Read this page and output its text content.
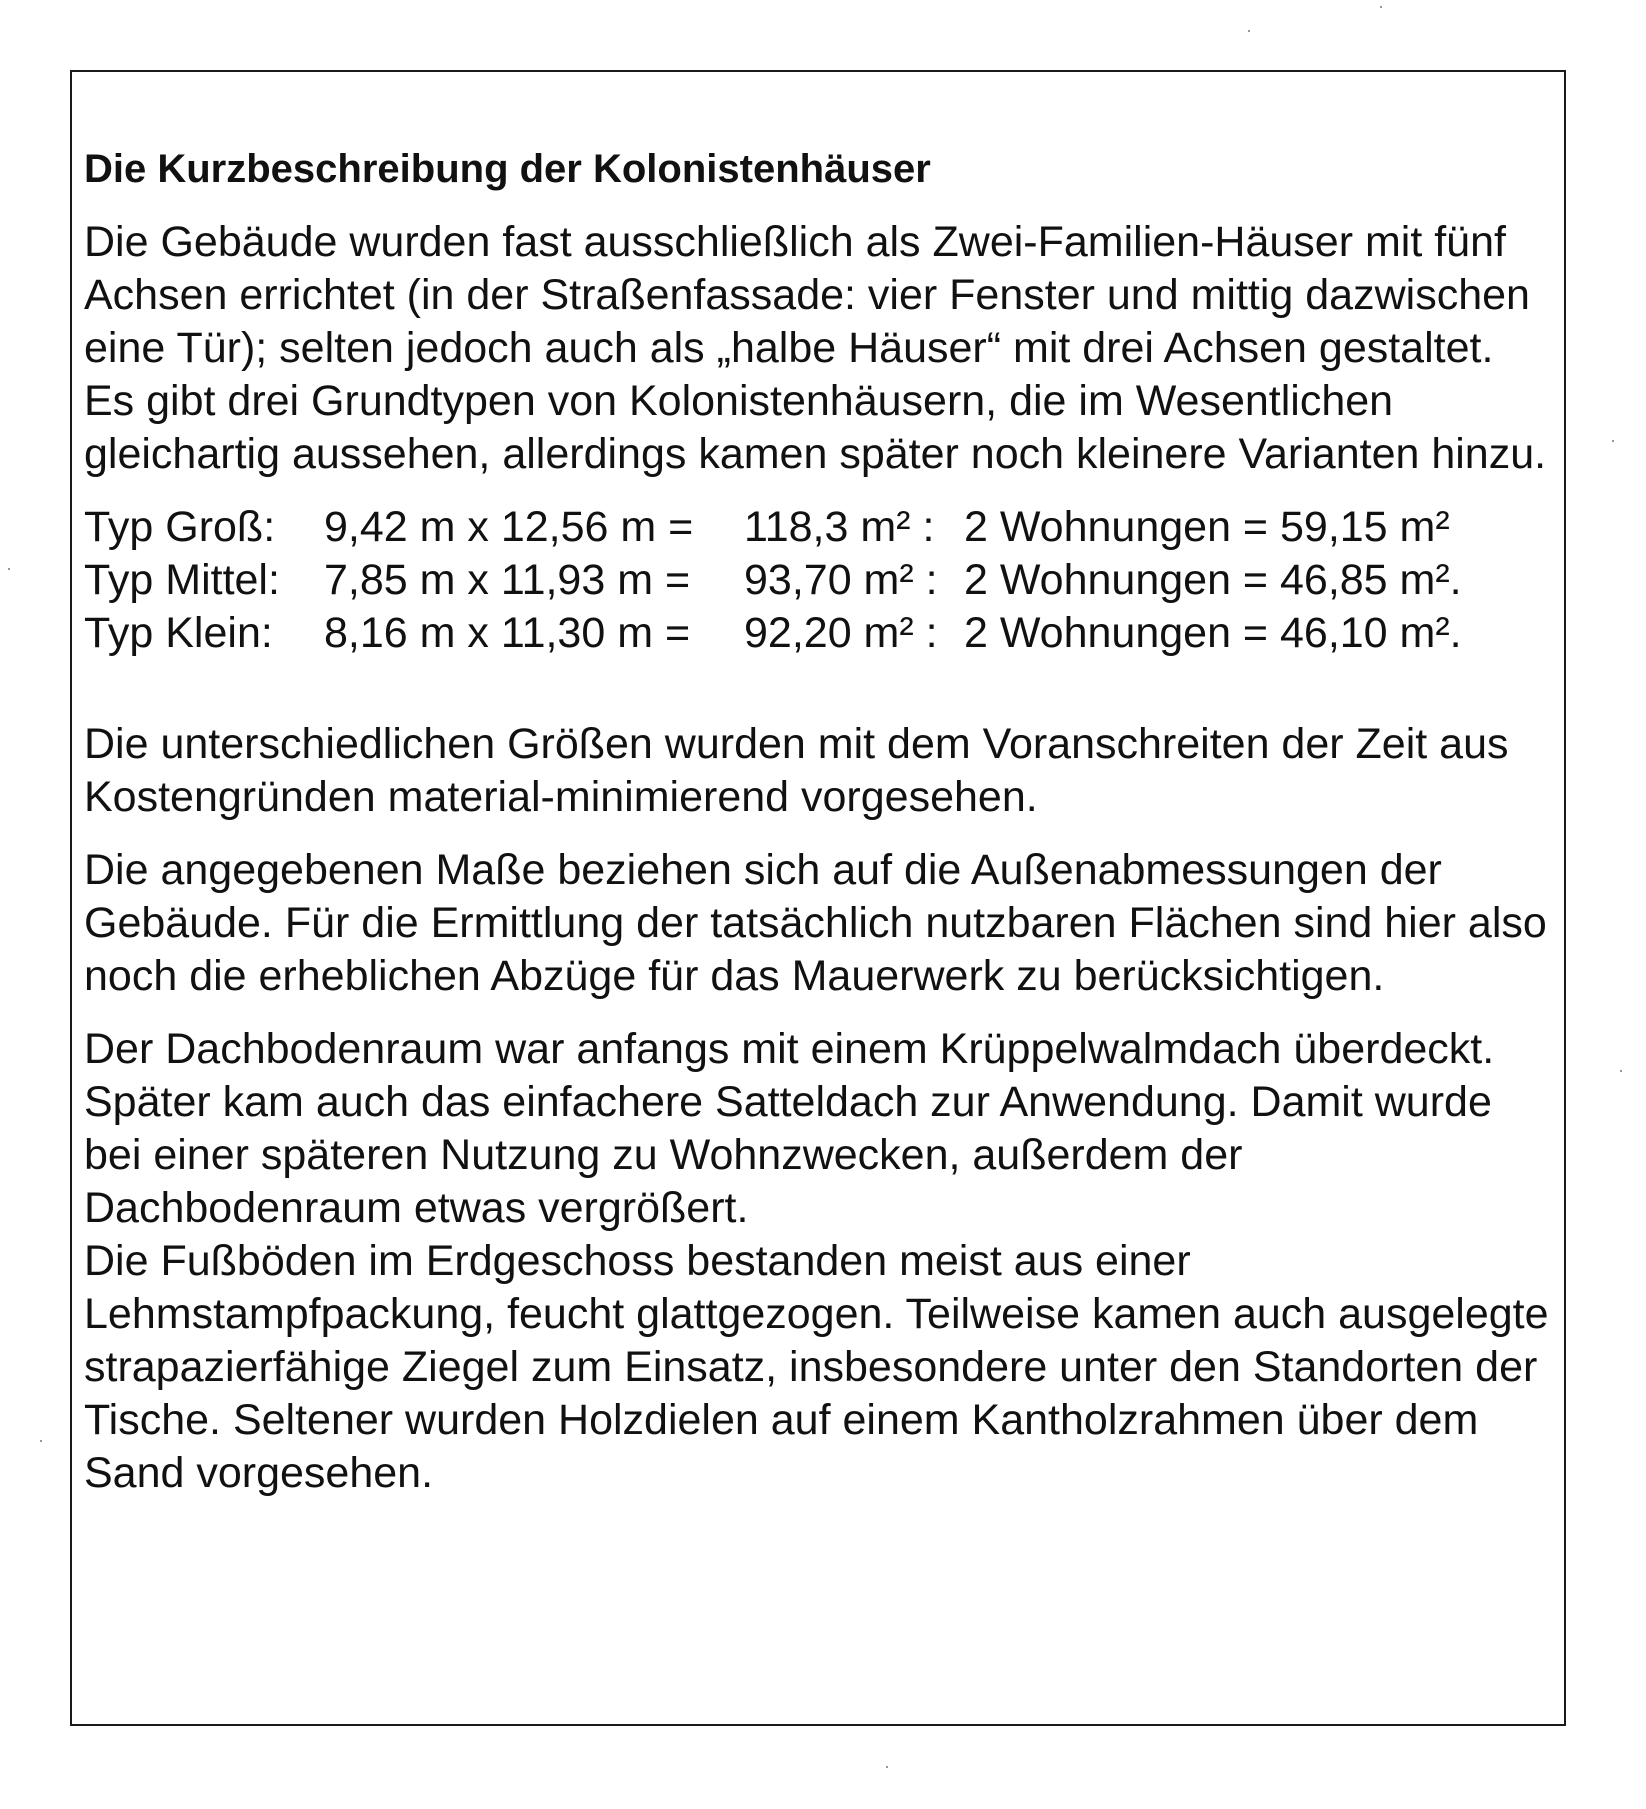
Die Kurzbeschreibung der Kolonistenhäuser

Die Gebäude wurden fast ausschließlich als Zwei-Familien-Häuser mit fünf Achsen errichtet (in der Straßenfassade: vier Fenster und mittig dazwischen eine Tür); selten jedoch auch als „halbe Häuser“ mit drei Achsen gestaltet.

Es gibt drei Grundtypen von Kolonistenhäusern, die im Wesentlichen gleichartig aussehen, allerdings kamen später noch kleinere Varianten hinzu.

Typ Groß:	9,42 m x 12,56 m =	118,3 m² : 2 Wohnungen = 59,15 m²
Typ Mittel:	7,85 m x 11,93 m =	93,70 m² : 2 Wohnungen = 46,85 m².
Typ Klein:	8,16 m x 11,30 m =	92,20 m² : 2 Wohnungen = 46,10 m².

Die unterschiedlichen Größen wurden mit dem Voranschreiten der Zeit aus Kostengründen material-minimierend vorgesehen.

Die angegebenen Maße beziehen sich auf die Außenabmessungen der Gebäude. Für die Ermittlung der tatsächlich nutzbaren Flächen sind hier also noch die erheblichen Abzüge für das Mauerwerk zu berücksichtigen.

Der Dachbodenraum war anfangs mit einem Krüppelwalmdach überdeckt. Später kam auch das einfachere Satteldach zur Anwendung. Damit wurde bei einer späteren Nutzung zu Wohnzwecken, außerdem der Dachbodenraum etwas vergrößert.

Die Fußböden im Erdgeschoss bestanden meist aus einer Lehmstampfpackung, feucht glattgezogen. Teilweise kamen auch ausgelegte strapazierfähige Ziegel zum Einsatz, insbesondere unter den Standorten der Tische. Seltener wurden Holzdielen auf einem Kantholzrahmen über dem Sand vorgesehen.
